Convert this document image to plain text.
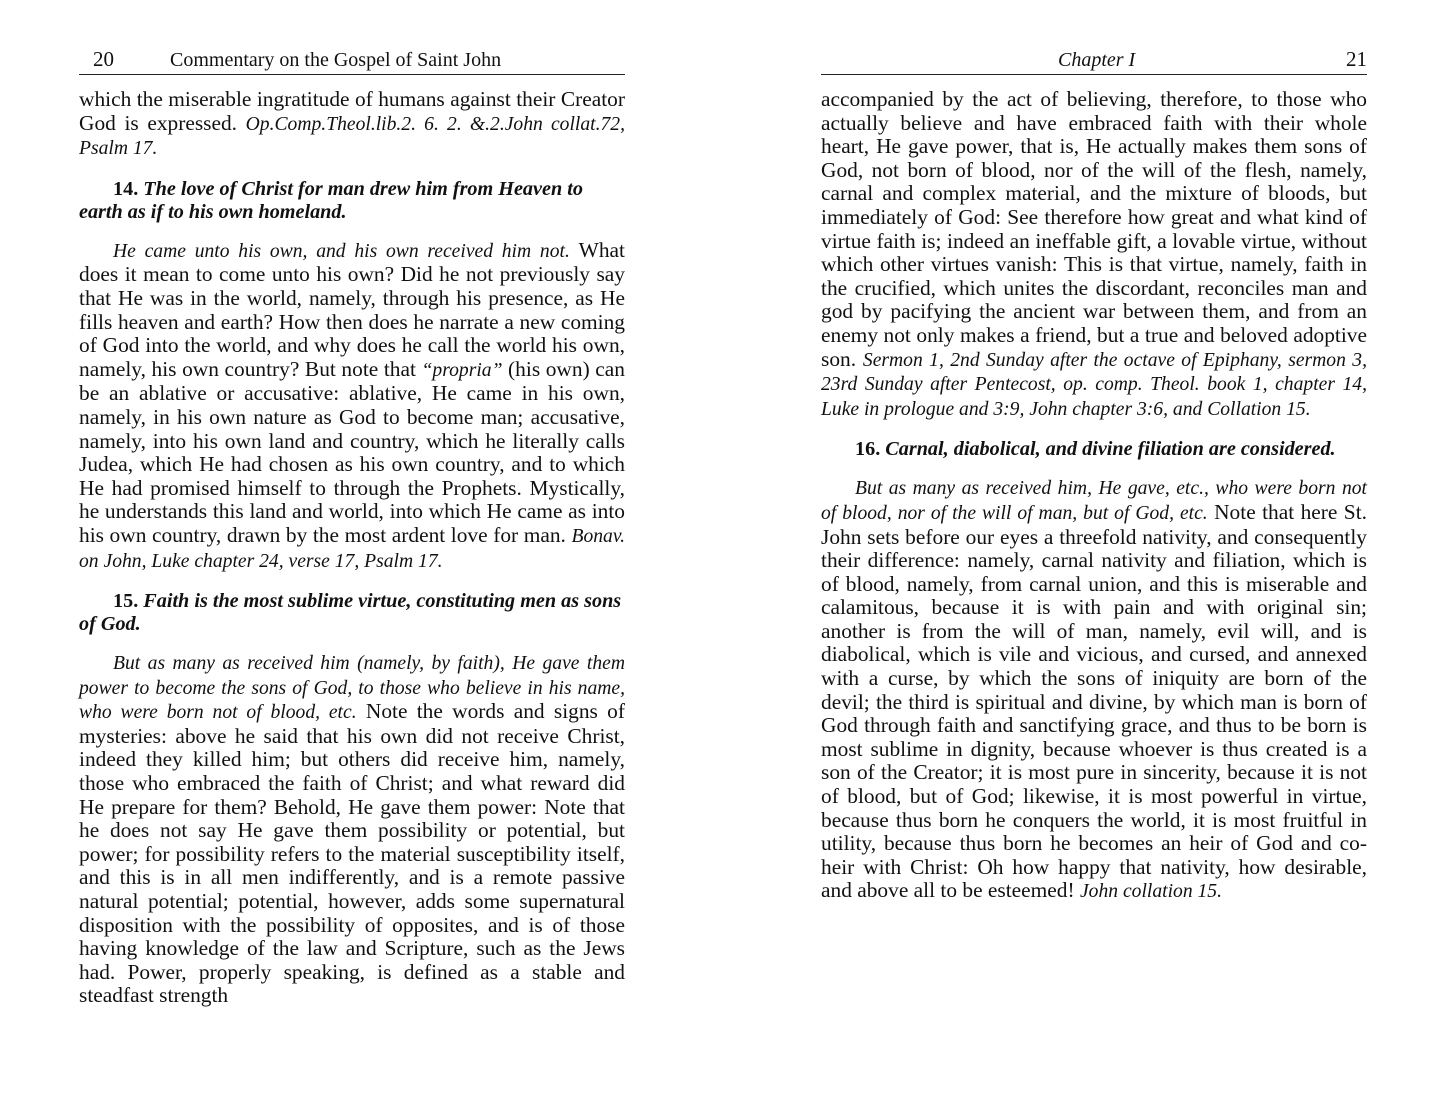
20	Commentary on the Gospel of Saint John

which the miserable ingratitude of humans against their Creator God is expressed. Op.Comp.Theol.lib.2. 6. 2. &.2.John collat.72, Psalm 17.

14. The love of Christ for man drew him from Heaven to earth as if to his own homeland.

He came unto his own, and his own received him not. What does it mean to come unto his own? Did he not previously say that He was in the world, namely, through his presence, as He fills heaven and earth? How then does he narrate a new coming of God into the world, and why does he call the world his own, namely, his own country? But note that “propria” (his own) can be an ablative or accusative: ablative, He came in his own, namely, in his own nature as God to become man; accusative, namely, into his own land and country, which he literally calls Judea, which He had chosen as his own country, and to which He had promised himself to through the Prophets. Mystically, he understands this land and world, into which He came as into his own country, drawn by the most ardent love for man. Bonav. on John, Luke chapter 24, verse 17, Psalm 17.

15. Faith is the most sublime virtue, constituting men as sons of God.

But as many as received him (namely, by faith), He gave them power to become the sons of God, to those who believe in his name, who were born not of blood, etc. Note the words and signs of mysteries: above he said that his own did not receive Christ, indeed they killed him; but others did receive him, namely, those who embraced the faith of Christ; and what reward did He prepare for them? Behold, He gave them power: Note that he does not say He gave them possibility or potential, but power; for possibility refers to the material susceptibility itself, and this is in all men indifferently, and is a remote passive natural potential; potential, however, adds some supernatural disposition with the possibility of opposites, and is of those having knowledge of the law and Scripture, such as the Jews had. Power, properly speaking, is defined as a stable and steadfast strength

Chapter I	21

accompanied by the act of believing, therefore, to those who actually believe and have embraced faith with their whole heart, He gave power, that is, He actually makes them sons of God, not born of blood, nor of the will of the flesh, namely, carnal and complex material, and the mixture of bloods, but immediately of God: See therefore how great and what kind of virtue faith is; indeed an ineffable gift, a lovable virtue, without which other virtues vanish: This is that virtue, namely, faith in the crucified, which unites the discordant, reconciles man and god by pacifying the ancient war between them, and from an enemy not only makes a friend, but a true and beloved adoptive son. Sermon 1, 2nd Sunday after the octave of Epiphany, sermon 3, 23rd Sunday after Pentecost, op. comp. Theol. book 1, chapter 14, Luke in prologue and 3:9, John chapter 3:6, and Collation 15.

16. Carnal, diabolical, and divine filiation are considered.

But as many as received him, He gave, etc., who were born not of blood, nor of the will of man, but of God, etc. Note that here St. John sets before our eyes a threefold nativity, and consequently their difference: namely, carnal nativity and filiation, which is of blood, namely, from carnal union, and this is miserable and calamitous, because it is with pain and with original sin; another is from the will of man, namely, evil will, and is diabolical, which is vile and vicious, and cursed, and annexed with a curse, by which the sons of iniquity are born of the devil; the third is spiritual and divine, by which man is born of God through faith and sanctifying grace, and thus to be born is most sublime in dignity, because whoever is thus created is a son of the Creator; it is most pure in sincerity, because it is not of blood, but of God; likewise, it is most powerful in virtue, because thus born he conquers the world, it is most fruitful in utility, because thus born he becomes an heir of God and co-heir with Christ: Oh how happy that nativity, how desirable, and above all to be esteemed! John collation 15.
